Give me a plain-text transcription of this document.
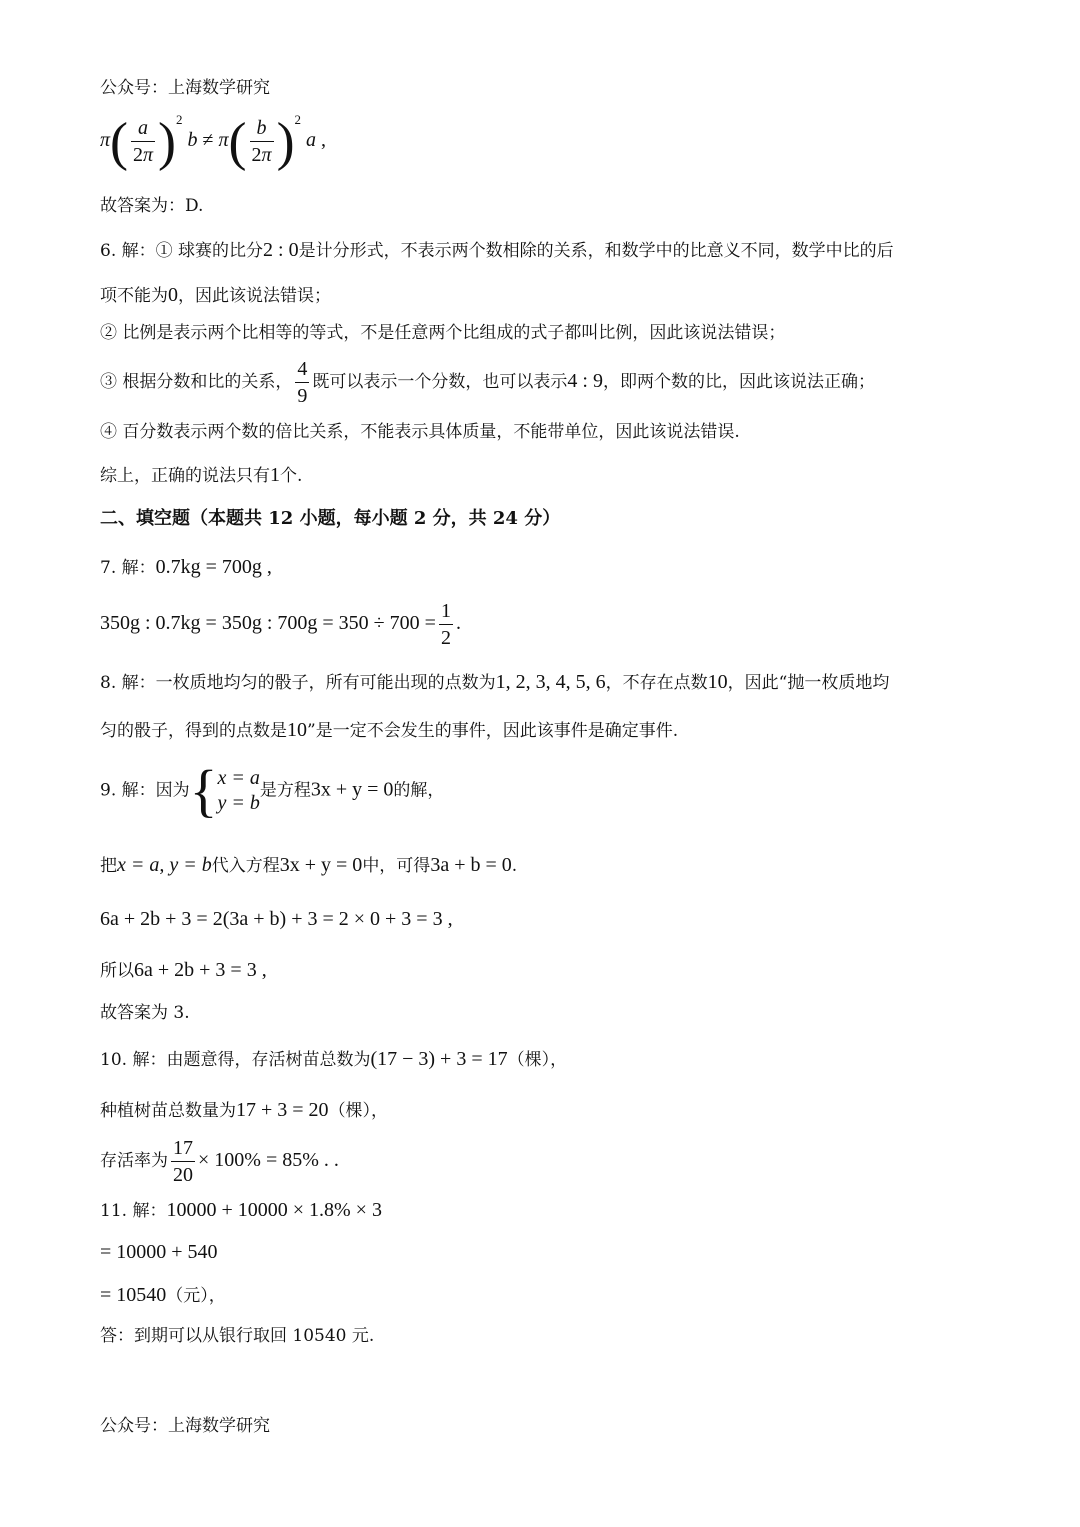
公众号：上海数学研究
$\pi( \frac{a}{2\pi} )^2$ $b \ne \pi( \frac{b}{2\pi} )^2$ a ,
故答案为：D.
6. 解：① 球赛的比分2 : 0是计分形式，不表示两个数相除的关系，和数学中的比意义不同，数学中比的后
项不能为0，因此该说法错误；
② 比例是表示两个比相等的等式，不是任意两个比组成的式子都叫比例，因此该说法错误；
③ 根据分数和比的关系， $\frac{4}{9}$ 既可以表示一个分数，也可以表示4 : 9，即两个数的比，因此该说法正确；
④ 百分数表示两个数的倍比关系，不能表示具体质量，不能带单位，因此该说法错误.
综上，正确的说法只有1个.
二、填空题（本题共 12 小题，每小题 2 分，共 24 分）
7. 解：0.7kg = 700g ,
350g : 0.7kg = 350g : $700g = 350 \div 700 = \frac{1}{2}$ .
8. 解：一枚质地均匀的骰子，所有可能出现的点数为1, 2, 3, 4, 5, 6，不存在点数10，因此“抛一枚质地均
匀的骰子，得到的点数是10”是一定不会发生的事件，因此该事件是确定事件.
9. 解：因为{ x = a
y = b
是方程3x + y = 0的解，
把x = a, y = b代入方程3x + y = 0中，可得3a + b = 0.
6a + 2b + 3 = 2(3a + b) + 3 = 2 × 0 + 3 = 3 ,
所以6a + 2b + 3 = 3 ,
故答案为 3.
10. 解：由题意得，存活树苗总数为(17 − 3) + 3 = 17（棵），
种植树苗总数量为17 + 3 = 20（棵），
存活率为 $\frac{17}{20} \times 100\% = 85\%$ . .
11. 解：10000 + 10000 × 1.8% × 3
= 10000 + 540
= 10540（元），
答：到期可以从银行取回 10540 元.
公众号：上海数学研究
